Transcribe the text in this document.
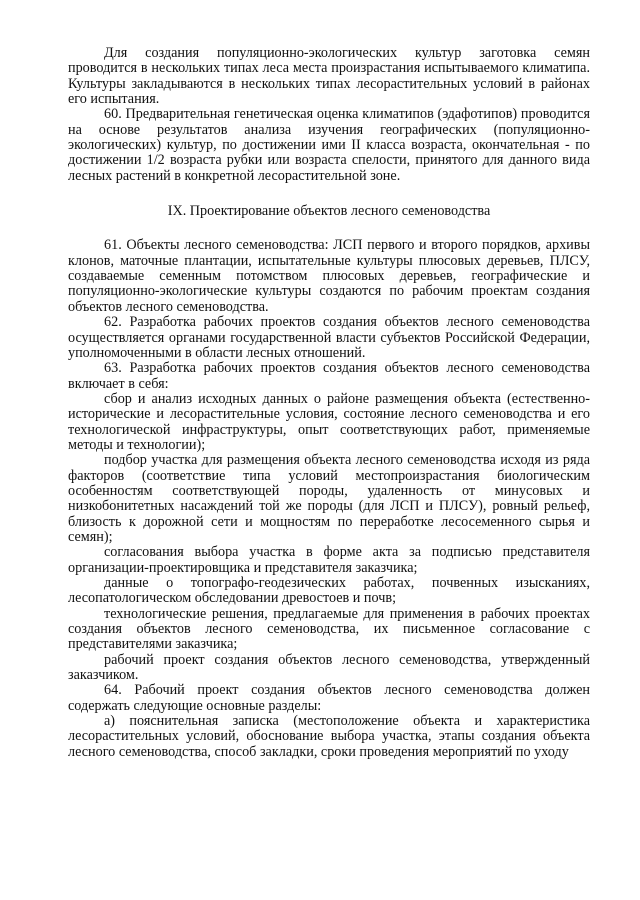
Для создания популяционно-экологических культур заготовка семян проводится в нескольких типах леса места произрастания испытываемого климатипа. Культуры закладываются в нескольких типах лесорастительных условий в районах его испытания.

60. Предварительная генетическая оценка климатипов (эдафотипов) проводится на основе результатов анализа изучения географических (популяционно-экологических) культур, по достижении ими II класса возраста, окончательная - по достижении 1/2 возраста рубки или возраста спелости, принятого для данного вида лесных растений в конкретной лесорастительной зоне.

IX. Проектирование объектов лесного семеноводства

61. Объекты лесного семеноводства: ЛСП первого и второго порядков, архивы клонов, маточные плантации, испытательные культуры плюсовых деревьев, ПЛСУ, создаваемые семенным потомством плюсовых деревьев, географические и популяционно-экологические культуры создаются по рабочим проектам создания объектов лесного семеноводства.

62. Разработка рабочих проектов создания объектов лесного семеноводства осуществляется органами государственной власти субъектов Российской Федерации, уполномоченными в области лесных отношений.

63. Разработка рабочих проектов создания объектов лесного семеноводства включает в себя:

сбор и анализ исходных данных о районе размещения объекта (естественно-исторические и лесорастительные условия, состояние лесного семеноводства и его технологической инфраструктуры, опыт соответствующих работ, применяемые методы и технологии);

подбор участка для размещения объекта лесного семеноводства исходя из ряда факторов (соответствие типа условий местопроизрастания биологическим особенностям соответствующей породы, удаленность от минусовых и низкобонитетных насаждений той же породы (для ЛСП и ПЛСУ), ровный рельеф, близость к дорожной сети и мощностям по переработке лесосеменного сырья и семян);

согласования выбора участка в форме акта за подписью представителя организации-проектировщика и представителя заказчика;

данные о топографо-геодезических работах, почвенных изысканиях, лесопатологическом обследовании древостоев и почв;

технологические решения, предлагаемые для применения в рабочих проектах создания объектов лесного семеноводства, их письменное согласование с представителями заказчика;

рабочий проект создания объектов лесного семеноводства, утвержденный заказчиком.

64. Рабочий проект создания объектов лесного семеноводства должен содержать следующие основные разделы:

а) пояснительная записка (местоположение объекта и характеристика лесорастительных условий, обоснование выбора участка, этапы создания объекта лесного семеноводства, способ закладки, сроки проведения мероприятий по уходу
